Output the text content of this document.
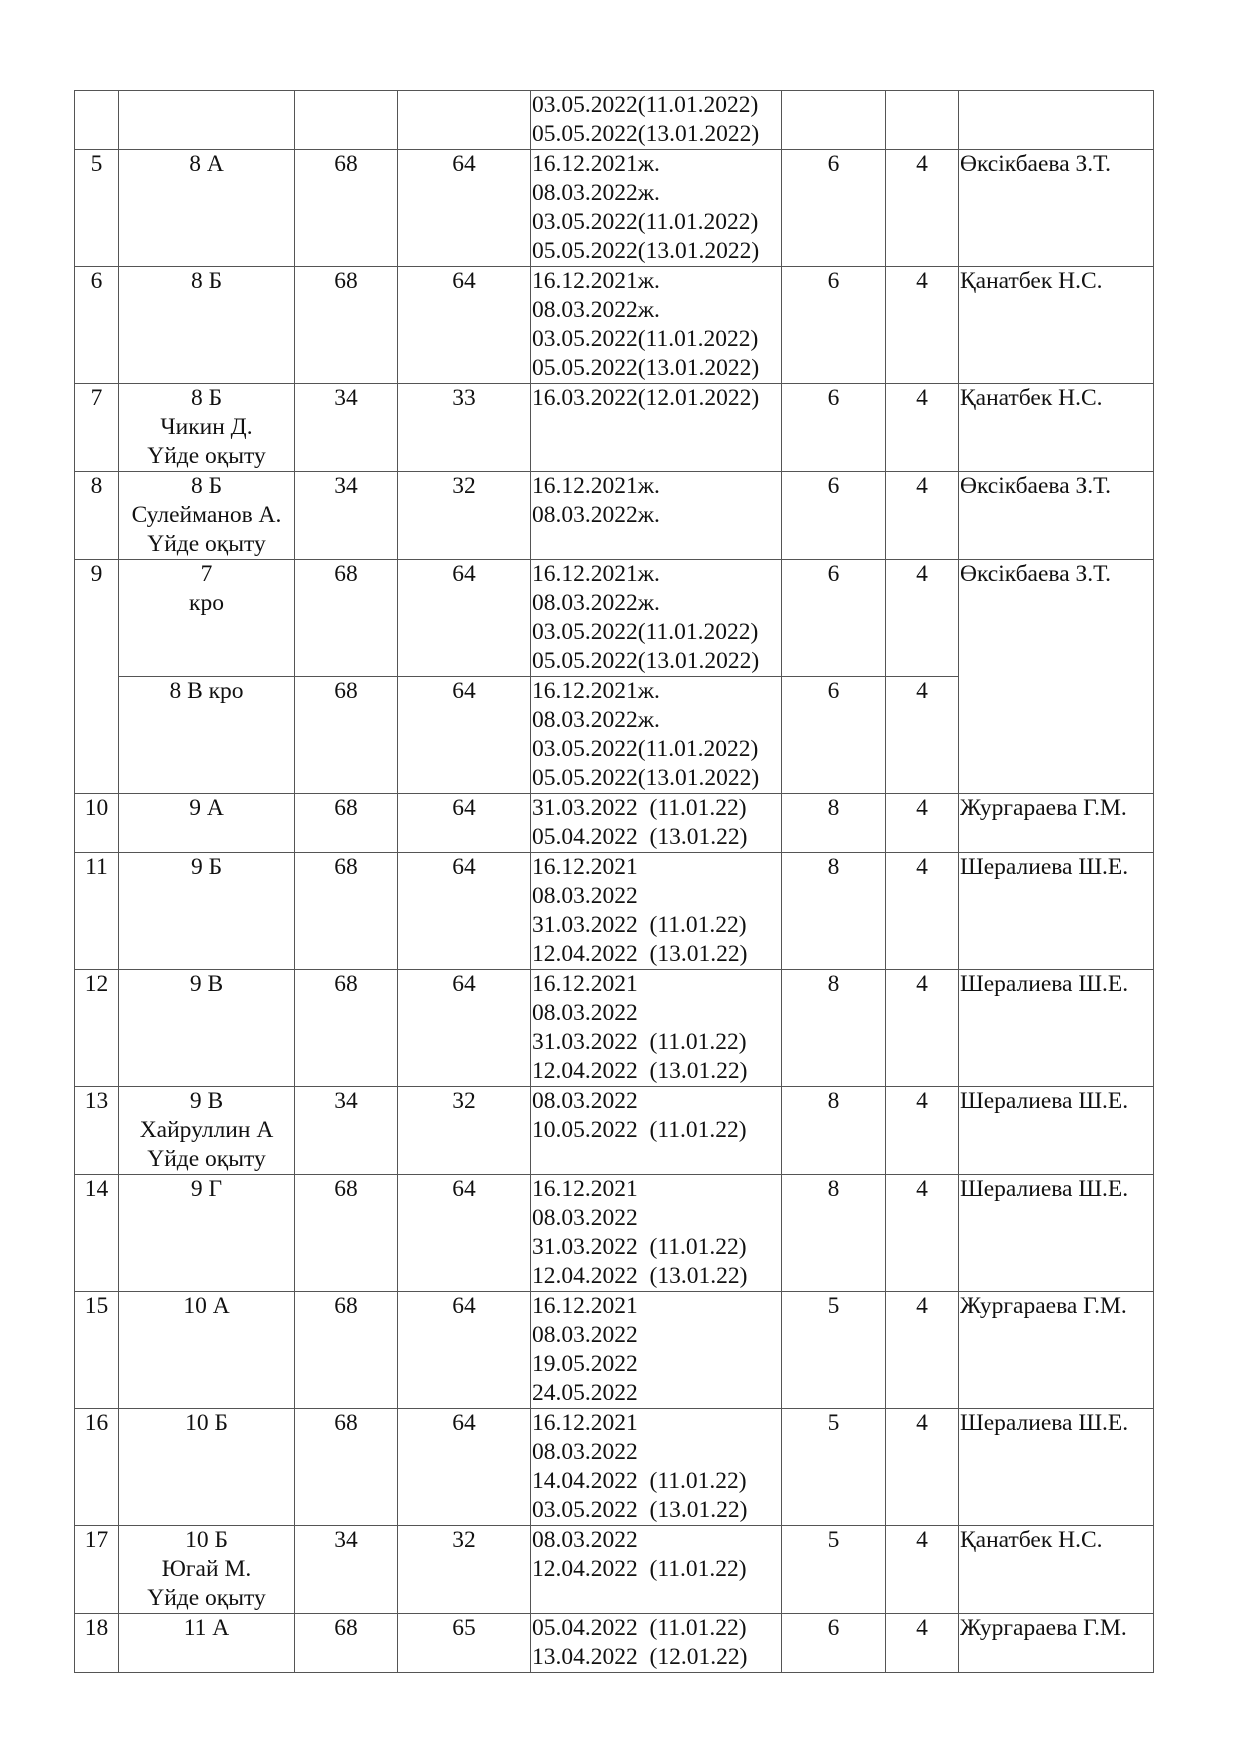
				03.05.2022(11.01.2022)
05.05.2022(13.01.2022)			

5	8 А	68	64	16.12.2021ж.
08.03.2022ж.
03.05.2022(11.01.2022)
05.05.2022(13.01.2022)	6	4	Өксікбаева З.Т.
6	8 Б	68	64	16.12.2021ж.
08.03.2022ж.
03.05.2022(11.01.2022)
05.05.2022(13.01.2022)	6	4	Қанатбек Н.С.
7	8 Б
Чикин Д.
Үйде оқыту	34	33	16.03.2022(12.01.2022)	6	4	Қанатбек Н.С.
8	8 Б
Сулейманов А.
Үйде оқыту	34	32	16.12.2021ж.
08.03.2022ж.	6	4	Өксікбаева З.Т.
9	7
кро	68	64	16.12.2021ж.
08.03.2022ж.
03.05.2022(11.01.2022)
05.05.2022(13.01.2022)	6	4	Өксікбаева З.Т.

	8 В кро	68	64	16.12.2021ж.
08.03.2022ж.
03.05.2022(11.01.2022)
05.05.2022(13.01.2022)	6	4	
10	9 А	68	64	31.03.2022  (11.01.22)
05.04.2022  (13.01.22)	8	4	Жургараева Г.М.
11	9 Б	68	64	16.12.2021
08.03.2022
31.03.2022  (11.01.22)
12.04.2022  (13.01.22)	8	4	Шералиева Ш.Е.
12	9 В	68	64	16.12.2021
08.03.2022
31.03.2022  (11.01.22)
12.04.2022  (13.01.22)	8	4	Шералиева Ш.Е.
13	9 В
Хайруллин А
Үйде оқыту	34	32	08.03.2022
10.05.2022  (11.01.22)	8	4	Шералиева Ш.Е.
14	9 Г	68	64	16.12.2021
08.03.2022
31.03.2022  (11.01.22)
12.04.2022  (13.01.22)	8	4	Шералиева Ш.Е.
15	10 А	68	64	16.12.2021
08.03.2022
19.05.2022
24.05.2022	5	4	Жургараева Г.М.
16	10 Б	68	64	16.12.2021
08.03.2022
14.04.2022  (11.01.22)
03.05.2022  (13.01.22)	5	4	Шералиева Ш.Е.
17	10 Б
Югай М.
Үйде оқыту	34	32	08.03.2022
12.04.2022  (11.01.22)	5	4	Қанатбек Н.С.
18	11 А	68	65	05.04.2022  (11.01.22)
13.04.2022  (12.01.22)	6	4	Жургараева Г.М.
